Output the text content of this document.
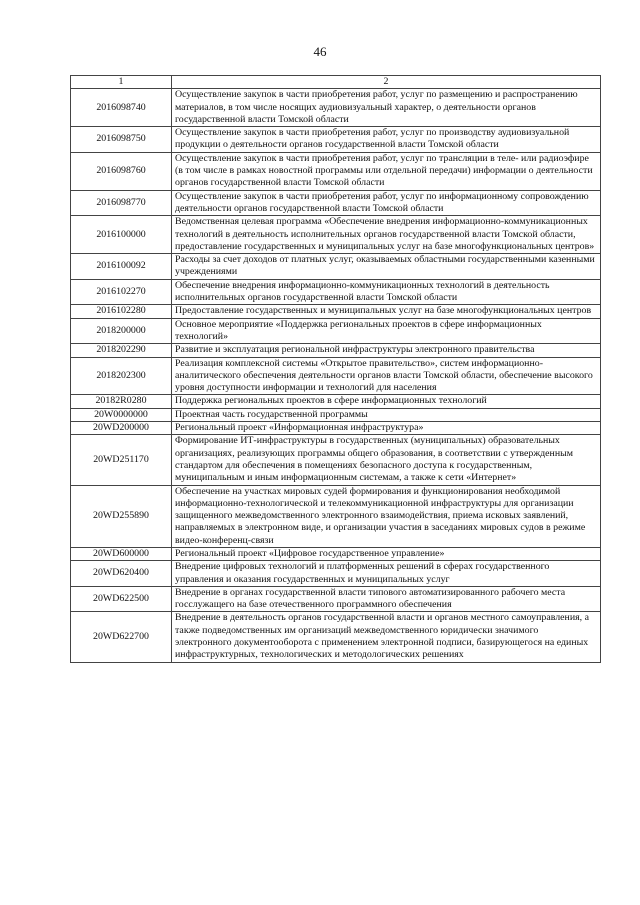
46
1	2
2016098740	Осуществление закупок в части приобретения работ, услуг по размещению и распространению материалов, в том числе носящих аудиовизуальный характер, о деятельности органов государственной власти Томской области
2016098750	Осуществление закупок в части приобретения работ, услуг по производству аудиовизуальной продукции о деятельности органов государственной власти Томской области
2016098760	Осуществление закупок в части приобретения работ, услуг по трансляции в теле- или радиоэфире (в том числе в рамках новостной программы или отдельной передачи) информации о деятельности органов государственной власти Томской области
2016098770	Осуществление закупок в части приобретения работ, услуг по информационному сопровождению деятельности органов государственной власти Томской области
2016100000	Ведомственная целевая программа «Обеспечение внедрения информационно-коммуникационных технологий в деятельность исполнительных органов государственной власти Томской области, предоставление государственных и муниципальных услуг на базе многофункциональных центров»
2016100092	Расходы за счет доходов от платных услуг, оказываемых областными государственными казенными учреждениями
2016102270	Обеспечение внедрения информационно-коммуникационных технологий в деятельность исполнительных органов государственной власти Томской области
2016102280	Предоставление государственных и муниципальных услуг на базе многофункциональных центров
2018200000	Основное мероприятие «Поддержка региональных проектов в сфере информационных технологий»
2018202290	Развитие и эксплуатация региональной инфраструктуры электронного правительства
2018202300	Реализация комплексной системы «Открытое правительство», систем информационно-аналитического обеспечения деятельности органов власти Томской области, обеспечение высокого уровня доступности информации и технологий для населения
20182R0280	Поддержка региональных проектов в сфере информационных технологий
20W0000000	Проектная часть государственной программы
20WD200000	Региональный проект «Информационная инфраструктура»
20WD251170	Формирование ИТ-инфраструктуры в государственных (муниципальных) образовательных организациях, реализующих программы общего образования, в соответствии с утвержденным стандартом для обеспечения в помещениях безопасного доступа к государственным, муниципальным и иным информационным системам, а также к сети «Интернет»
20WD255890	Обеспечение на участках мировых судей формирования и функционирования необходимой информационно-технологической и телекоммуникационной инфраструктуры для организации защищенного межведомственного электронного взаимодействия, приема исковых заявлений, направляемых в электронном виде, и организации участия в заседаниях мировых судов в режиме видео-конференц-связи
20WD600000	Региональный проект «Цифровое государственное управление»
20WD620400	Внедрение цифровых технологий и платформенных решений в сферах государственного управления и оказания государственных и муниципальных услуг
20WD622500	Внедрение в органах государственной власти типового автоматизированного рабочего места госслужащего на базе отечественного программного обеспечения
20WD622700	Внедрение в деятельность органов государственной власти и органов местного самоуправления, а также подведомственных им организаций межведомственного юридически значимого электронного документооборота с применением электронной подписи, базирующегося на единых инфраструктурных, технологических и методологических решениях
